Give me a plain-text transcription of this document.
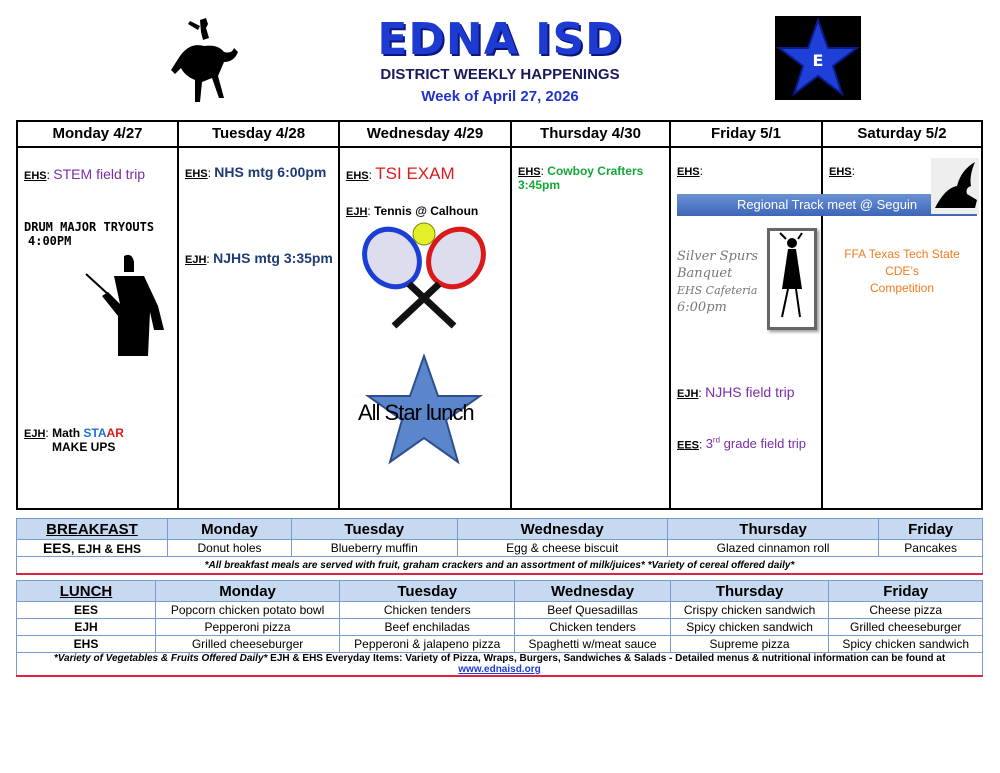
EDNA ISD
DISTRICT WEEKLY HAPPENINGS
Week of April 27, 2026
E
Monday 4/27
EHS: STEM field trip
DRUM MAJOR TRYOUTS
4:00PM
EJH: Math STAAR
MAKE UPS
Tuesday 4/28
EHS: NHS mtg 6:00pm
EJH: NJHS mtg 3:35pm
Wednesday 4/29
EHS: TSI EXAM
EJH: Tennis @ Calhoun
All Star lunch
Thursday 4/30
EHS: Cowboy Crafters
3:45pm
Friday 5/1
EHS:
Regional Track meet @ Seguin
Silver Spurs
Banquet
EHS Cafeteria
6:00pm
EJH: NJHS field trip
EES: 3rd grade field trip
Saturday 5/2
EHS:
FFA Texas Tech State CDE’s
Competition
BREAKFAST	Monday	Tuesday	Wednesday	Thursday	Friday
EES, EJH & EHS	Donut holes	Blueberry muffin	Egg & cheese biscuit	Glazed cinnamon roll	Pancakes
*All breakfast meals are served with fruit, graham crackers and an assortment of milk/juices* *Variety of cereal offered daily*					
LUNCH	Monday	Tuesday	Wednesday	Thursday	Friday
EES	Popcorn chicken potato bowl	Chicken tenders	Beef Quesadillas	Crispy chicken sandwich	Cheese pizza
EJH	Pepperoni pizza	Beef enchiladas	Chicken tenders	Spicy chicken sandwich	Grilled cheeseburger
EHS	Grilled cheeseburger	Pepperoni & jalapeno pizza	Spaghetti w/meat sauce	Supreme pizza	Spicy chicken sandwich
*Variety of Vegetables & Fruits Offered Daily* EJH & EHS Everyday Items: Variety of Pizza, Wraps, Burgers, Sandwiches & Salads - Detailed menus & nutritional information can be found at www.ednaisd.org					
